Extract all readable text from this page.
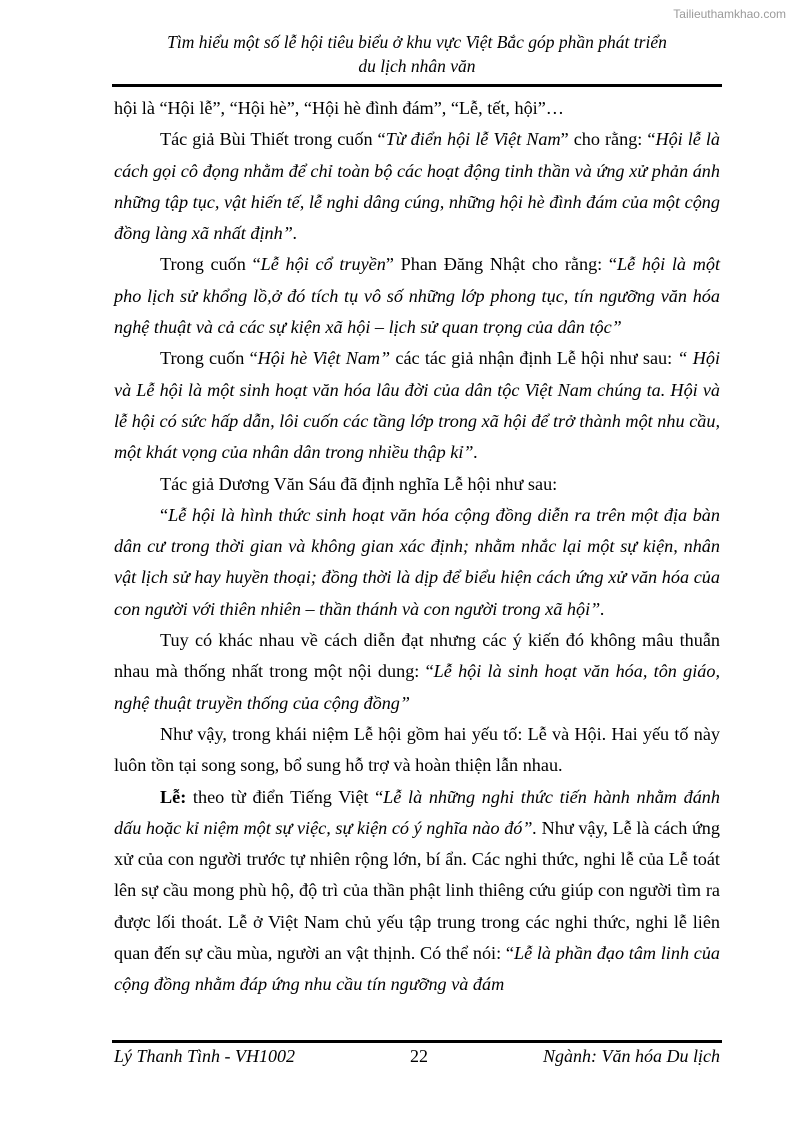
Tailieuthamkhao.com
Tìm hiểu một số lễ hội tiêu biểu ở khu vực Việt Bắc góp phần phát triển
du lịch nhân văn

hội là “Hội lễ”, “Hội hè”, “Hội hè đình đám”, “Lễ, tết, hội”…

Tác giả Bùi Thiết trong cuốn “Từ điển hội lễ Việt Nam” cho rằng: “Hội lễ là cách gọi cô đọng nhằm để chỉ toàn bộ các hoạt động tinh thần và ứng xử phản ánh những tập tục, vật hiến tế, lễ nghi dâng cúng, những hội hè đình đám của một cộng đồng làng xã nhất định”.

Trong cuốn “Lễ hội cổ truyền” Phan Đăng Nhật cho rằng: “Lễ hội là một pho lịch sử khổng lồ,ở đó tích tụ vô số những lớp phong tục, tín ngưỡng văn hóa nghệ thuật và cả các sự kiện xã hội – lịch sử quan trọng của dân tộc”

Trong cuốn “Hội hè Việt Nam” các tác giả nhận định Lễ hội như sau: “ Hội và Lễ hội là một sinh hoạt văn hóa lâu đời của dân tộc Việt Nam chúng ta. Hội và lễ hội có sức hấp dẫn, lôi cuốn các tầng lớp trong xã hội để trở thành một nhu cầu, một khát vọng của nhân dân trong nhiều thập kỉ”.

Tác giả Dương Văn Sáu đã định nghĩa Lễ hội như sau:

“Lễ hội là hình thức sinh hoạt văn hóa cộng đồng diễn ra trên một địa bàn dân cư trong thời gian và không gian xác định; nhằm nhắc lại một sự kiện, nhân vật lịch sử hay huyền thoại; đồng thời là dịp để biểu hiện cách ứng xử văn hóa của con người với thiên nhiên – thần thánh và con người trong xã hội”.

Tuy có khác nhau về cách diễn đạt nhưng các ý kiến đó không mâu thuẫn nhau mà thống nhất trong một nội dung: “Lễ hội là sinh hoạt văn hóa, tôn giáo, nghệ thuật truyền thống của cộng đồng”

Như vậy, trong khái niệm Lễ hội gồm hai yếu tố: Lễ và Hội. Hai yếu tố này luôn tồn tại song song, bổ sung hỗ trợ và hoàn thiện lẫn nhau.

Lễ: theo từ điển Tiếng Việt “Lễ là những nghi thức tiến hành nhằm đánh dấu hoặc kỉ niệm một sự việc, sự kiện có ý nghĩa nào đó”. Như vậy, Lễ là cách ứng xử của con người trước tự nhiên rộng lớn, bí ẩn. Các nghi thức, nghi lễ của Lễ toát lên sự cầu mong phù hộ, độ trì của thần phật linh thiêng cứu giúp con người tìm ra được lối thoát. Lễ ở Việt Nam chủ yếu tập trung trong các nghi thức, nghi lễ liên quan đến sự cầu mùa, người an vật thịnh. Có thể nói: “Lễ là phần đạo tâm linh của cộng đồng nhằm đáp ứng nhu cầu tín ngưỡng và đám

Lý Thanh Tình - VH1002	22	Ngành: Văn hóa Du lịch
